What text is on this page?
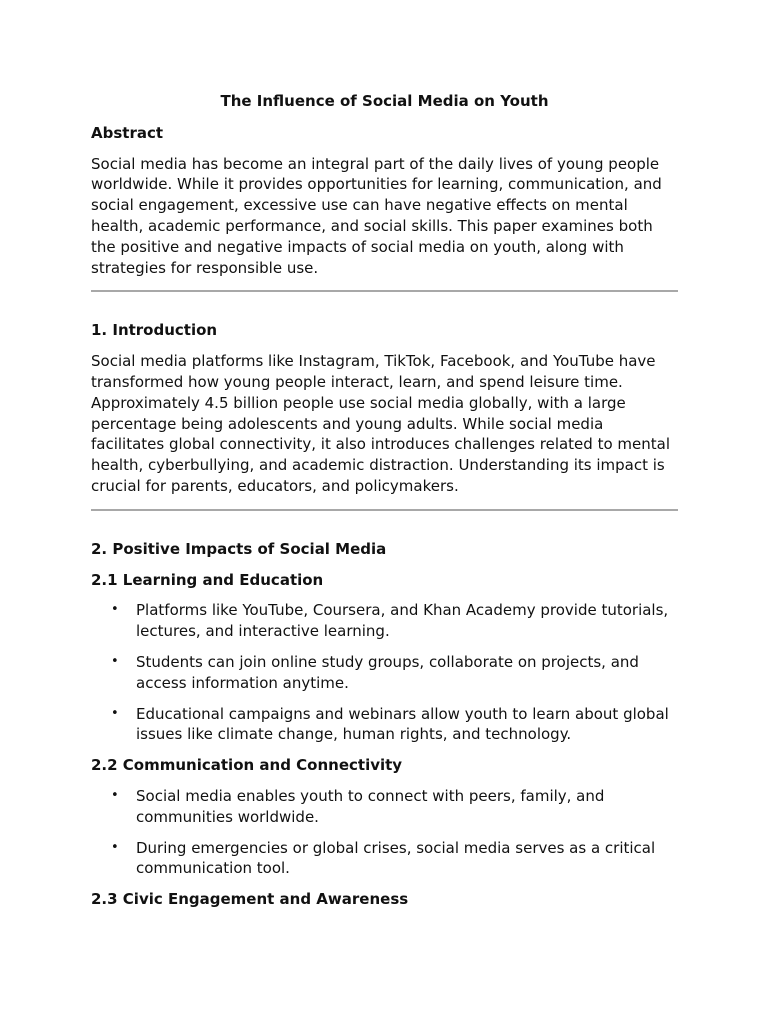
The Influence of Social Media on Youth
Abstract

Social media has become an integral part of the daily lives of young people worldwide. While it provides opportunities for learning, communication, and social engagement, excessive use can have negative effects on mental health, academic performance, and social skills. This paper examines both the positive and negative impacts of social media on youth, along with strategies for responsible use.

1. Introduction

Social media platforms like Instagram, TikTok, Facebook, and YouTube have transformed how young people interact, learn, and spend leisure time. Approximately 4.5 billion people use social media globally, with a large percentage being adolescents and young adults. While social media facilitates global connectivity, it also introduces challenges related to mental health, cyberbullying, and academic distraction. Understanding its impact is crucial for parents, educators, and policymakers.

2. Positive Impacts of Social Media
2.1 Learning and Education
• Platforms like YouTube, Coursera, and Khan Academy provide tutorials, lectures, and interactive learning.
• Students can join online study groups, collaborate on projects, and access information anytime.
• Educational campaigns and webinars allow youth to learn about global issues like climate change, human rights, and technology.
2.2 Communication and Connectivity
• Social media enables youth to connect with peers, family, and communities worldwide.
• During emergencies or global crises, social media serves as a critical communication tool.
2.3 Civic Engagement and Awareness
